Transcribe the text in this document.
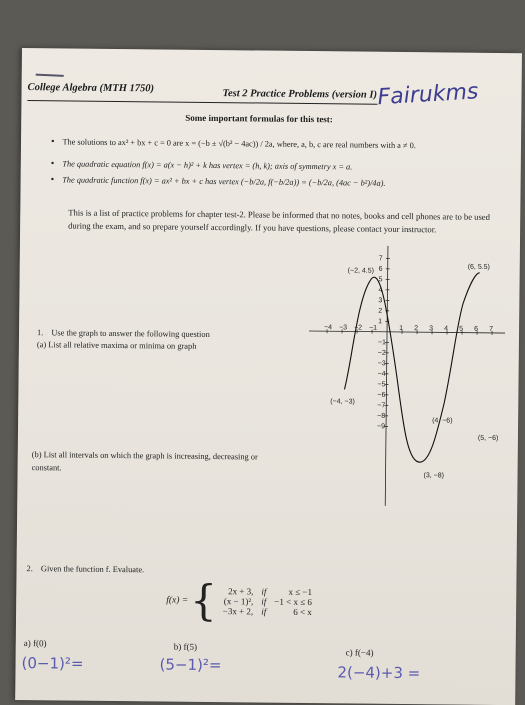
College Algebra (MTH 1750)	Test 2 Practice Problems (version I) Fairukms
Some important formulas for this test:
• The solutions to ax² + bx + c = 0 are x = (−b ± √(b² − 4ac)) / 2a, where, a, b, c are real numbers with a ≠ 0.
• The quadratic equation f(x) = a(x − h)² + k has vertex = (h, k); axis of symmetry x = a.
• The quadratic function f(x) = ax² + bx + c has vertex (−b/2a, f(−b/2a)) = (−b/2a, (4ac − b²)/4a).
This is a list of practice problems for chapter test-2. Please be informed that no notes, books and cell phones are to be used during the exam, and so prepare yourself accordingly. If you have questions, please contact your instructor.
−4 −3 −2 −1	1 2 3 4 5 6 7
7
6
5
4
3
2
1
−1
−2
−3
−4
−5
−6
−7
−8
−9
(−2, 4.5)
(6, 5.5)
(−4, −3)
(4, −6)
(5, −6)
(3, −8)
1. Use the graph to answer the following question
(a) List all relative maxima or minima on graph
(b) List all intervals on which the graph is increasing, decreasing or constant.
2. Given the function f. Evaluate.
f(x) = { 2x + 3,	if	x ≤ −1
(x − 1)²,	if	−1 < x ≤ 6
−3x + 2,	if	6 < x
a) f(0)
(0−1)²=
b) f(5)
(5−1)²=
c) f(−4)
2(−4)+3 =
